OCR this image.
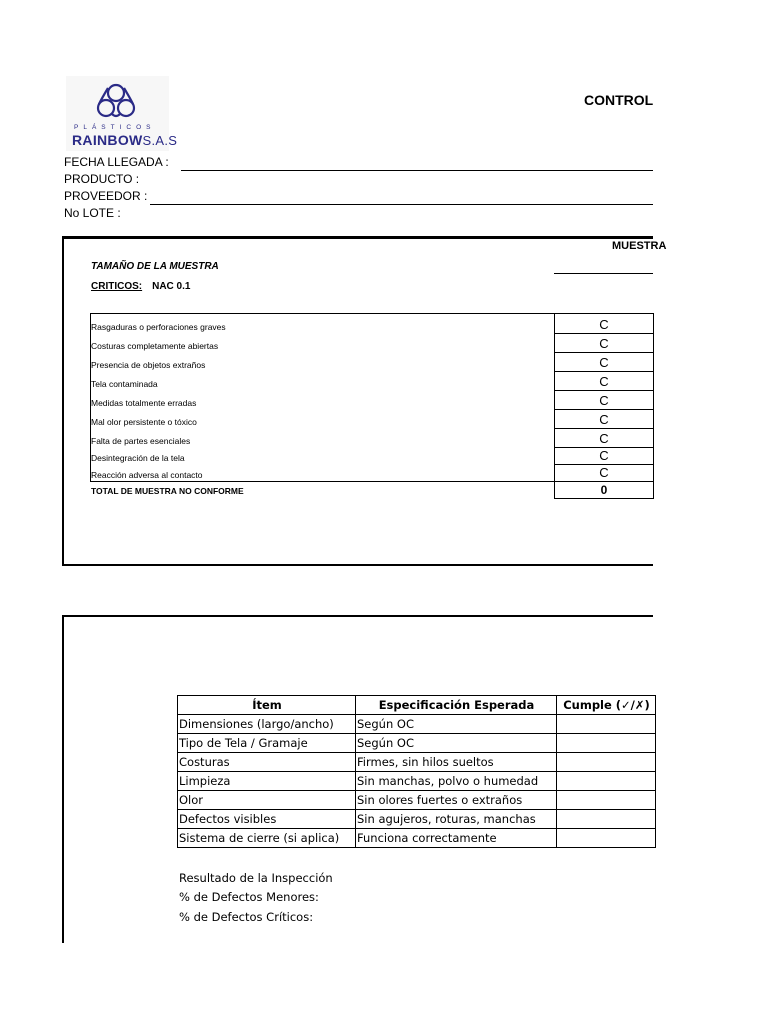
PLÁSTICOS
RAINBOWS.A.S
CONTROL
FECHA LLEGADA :
PRODUCTO :
PROVEEDOR :
No LOTE :
MUESTRA
TAMAÑO DE LA MUESTRA
CRITICOS: NAC 0.1
Rasgaduras o perforaciones graves	C
Costuras completamente abiertas	C
Presencia de objetos extraños	C
Tela contaminada	C
Medidas totalmente erradas	C
Mal olor persistente o tóxico	C
Falta de partes esenciales	C
Desintegración de la tela	C
Reacción adversa al contacto	C
TOTAL DE MUESTRA NO CONFORME	0
Ítem	Especificación Esperada	Cumple (✓/✗)
Dimensiones (largo/ancho)	Según OC	
Tipo de Tela / Gramaje	Según OC	
Costuras	Firmes, sin hilos sueltos	
Limpieza	Sin manchas, polvo o humedad	
Olor	Sin olores fuertes o extraños	
Defectos visibles	Sin agujeros, roturas, manchas	
Sistema de cierre (si aplica)	Funciona correctamente	
Resultado de la Inspección
% de Defectos Menores:
% de Defectos Críticos:
